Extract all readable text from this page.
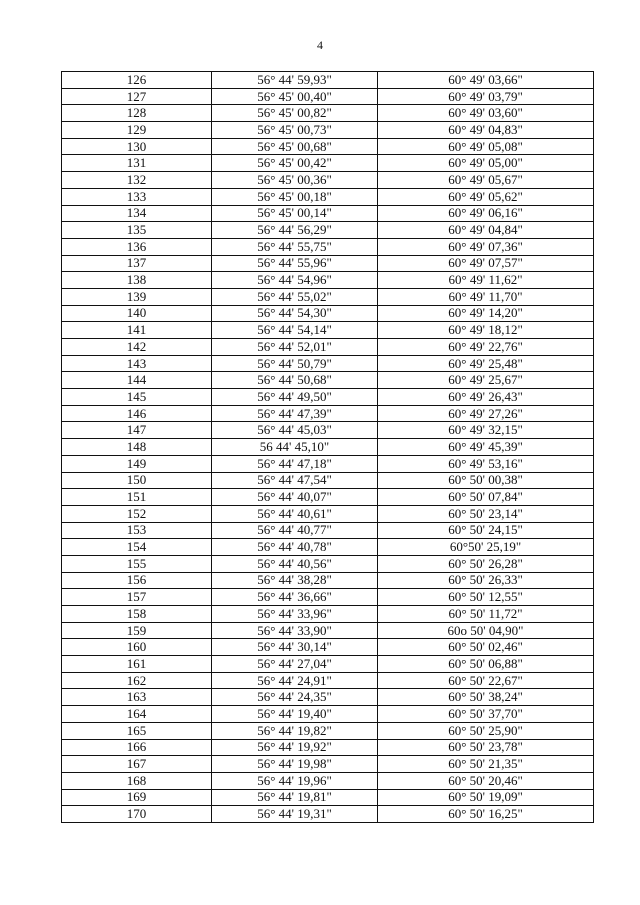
4
126	56° 44' 59,93"	60° 49' 03,66"
127	56° 45' 00,40"	60° 49' 03,79"
128	56° 45' 00,82"	60° 49' 03,60"
129	56° 45' 00,73"	60° 49' 04,83"
130	56° 45' 00,68"	60° 49' 05,08"
131	56° 45' 00,42"	60° 49' 05,00"
132	56° 45' 00,36"	60° 49' 05,67"
133	56° 45' 00,18"	60° 49' 05,62"
134	56° 45' 00,14"	60° 49' 06,16"
135	56° 44' 56,29"	60° 49' 04,84"
136	56° 44' 55,75"	60° 49' 07,36"
137	56° 44' 55,96"	60° 49' 07,57"
138	56° 44' 54,96"	60° 49' 11,62"
139	56° 44' 55,02"	60° 49' 11,70"
140	56° 44' 54,30"	60° 49' 14,20"
141	56° 44' 54,14"	60° 49' 18,12"
142	56° 44' 52,01"	60° 49' 22,76"
143	56° 44' 50,79"	60° 49' 25,48"
144	56° 44' 50,68"	60° 49' 25,67"
145	56° 44' 49,50"	60° 49' 26,43"
146	56° 44' 47,39"	60° 49' 27,26"
147	56° 44' 45,03"	60° 49' 32,15"
148	56 44' 45,10"	60° 49' 45,39"
149	56° 44' 47,18"	60° 49' 53,16"
150	56° 44' 47,54"	60° 50' 00,38"
151	56° 44' 40,07"	60° 50' 07,84"
152	56° 44' 40,61"	60° 50' 23,14"
153	56° 44' 40,77"	60° 50' 24,15"
154	56° 44' 40,78"	60°50' 25,19"
155	56° 44' 40,56"	60° 50' 26,28"
156	56° 44' 38,28"	60° 50' 26,33"
157	56° 44' 36,66"	60° 50' 12,55"
158	56° 44' 33,96"	60° 50' 11,72"
159	56° 44' 33,90"	60o 50' 04,90"
160	56° 44' 30,14"	60° 50' 02,46"
161	56° 44' 27,04"	60° 50' 06,88"
162	56° 44' 24,91"	60° 50' 22,67"
163	56° 44' 24,35"	60° 50' 38,24"
164	56° 44' 19,40"	60° 50' 37,70"
165	56° 44' 19,82"	60° 50' 25,90"
166	56° 44' 19,92"	60° 50' 23,78"
167	56° 44' 19,98"	60° 50' 21,35"
168	56° 44' 19,96"	60° 50' 20,46"
169	56° 44' 19,81"	60° 50' 19,09"
170	56° 44' 19,31"	60° 50' 16,25"
